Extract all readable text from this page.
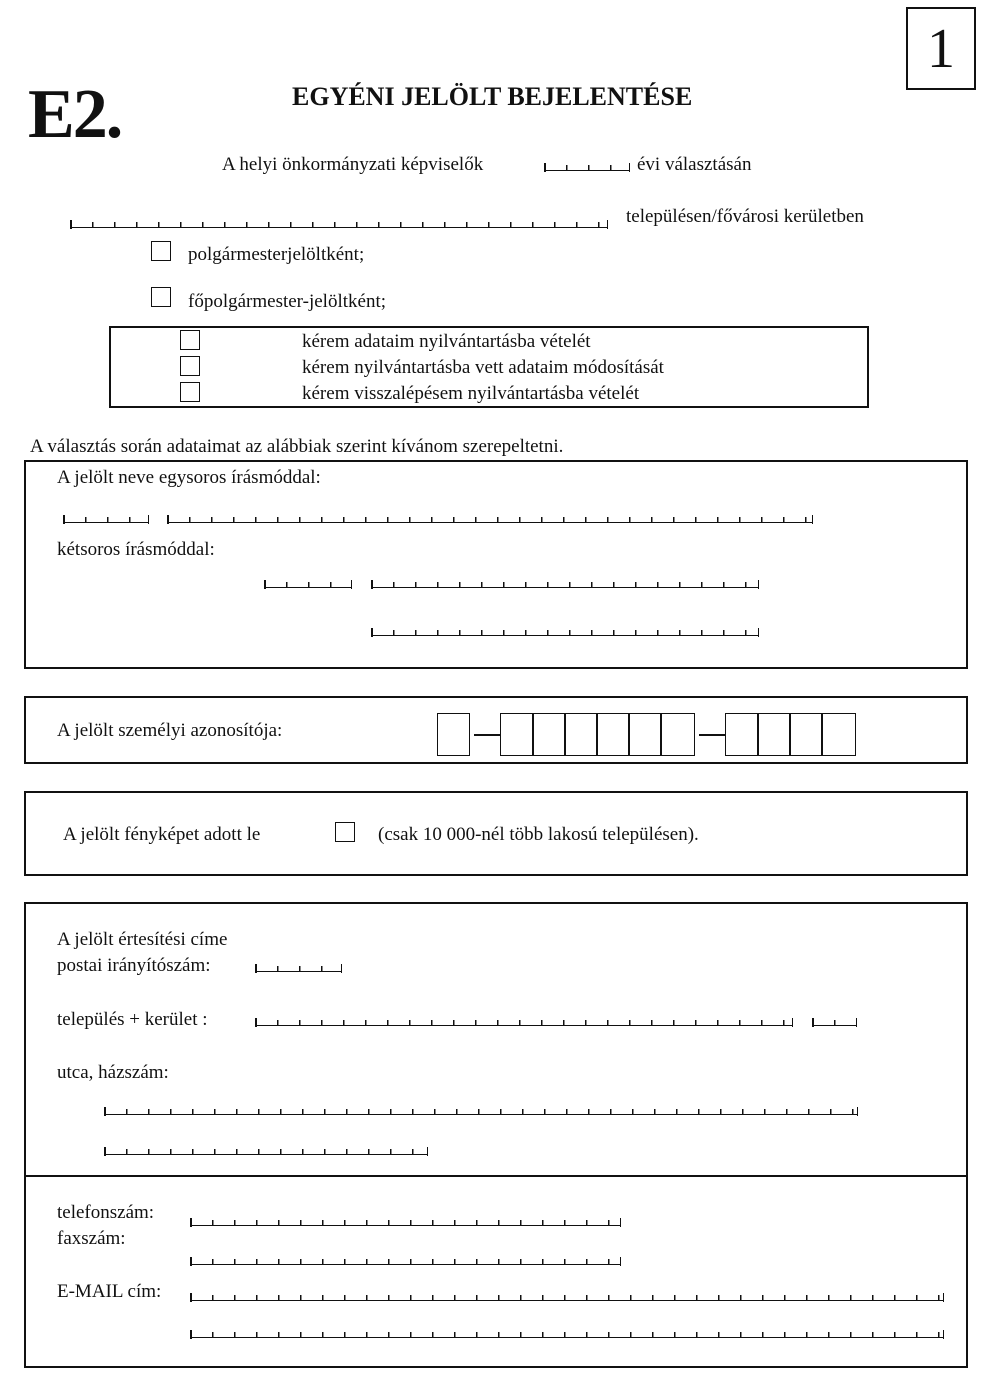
E2.
1
EGYÉNI JELÖLT BEJELENTÉSE
A helyi önkormányzati képviselők	évi választásán
településen/fővárosi kerületben
polgármesterjelöltként;
főpolgármester-jelöltként;
kérem adataim nyilvántartásba vételét
kérem nyilvántartásba vett adataim módosítását
kérem visszalépésem nyilvántartásba vételét
A választás során adataimat az alábbiak szerint kívánom szerepeltetni.
A jelölt neve egysoros írásmóddal:
kétsoros írásmóddal:
A jelölt személyi azonosítója:
A jelölt fényképet adott le	(csak 10 000-nél több lakosú településen).
A jelölt értesítési címe
postai irányítószám:
település + kerület :
utca, házszám:
telefonszám:
faxszám:
E-MAIL cím:
